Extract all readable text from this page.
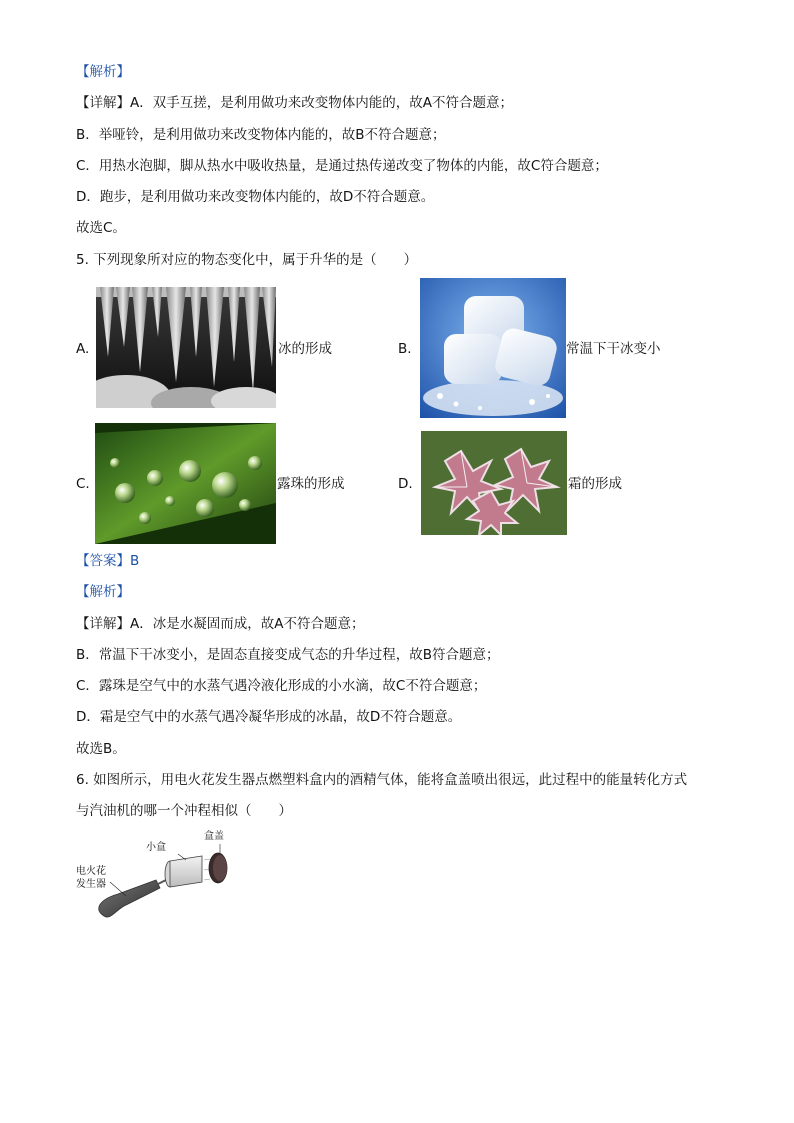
【解析】
【详解】A．双手互搓，是利用做功来改变物体内能的，故A不符合题意；
B．举哑铃，是利用做功来改变物体内能的，故B不符合题意；
C．用热水泡脚，脚从热水中吸收热量，是通过热传递改变了物体的内能，故C符合题意；
D．跑步，是利用做功来改变物体内能的，故D不符合题意。
故选C。
5. 下列现象所对应的物态变化中，属于升华的是（　　）
A.	冰的形成	B.	常温下干冰变小
C.	露珠的形成	D.	霜的形成
【答案】B
【解析】
【详解】A．冰是水凝固而成，故A不符合题意；
B．常温下干冰变小，是固态直接变成气态的升华过程，故B符合题意；
C．露珠是空气中的水蒸气遇冷液化形成的小水滴，故C不符合题意；
D．霜是空气中的水蒸气遇冷凝华形成的冰晶，故D不符合题意。
故选B。
6. 如图所示，用电火花发生器点燃塑料盒内的酒精气体，能将盒盖喷出很远，此过程中的能量转化方式
与汽油机的哪一个冲程相似（　　）
盒盖
小盒
电火花
发生器
